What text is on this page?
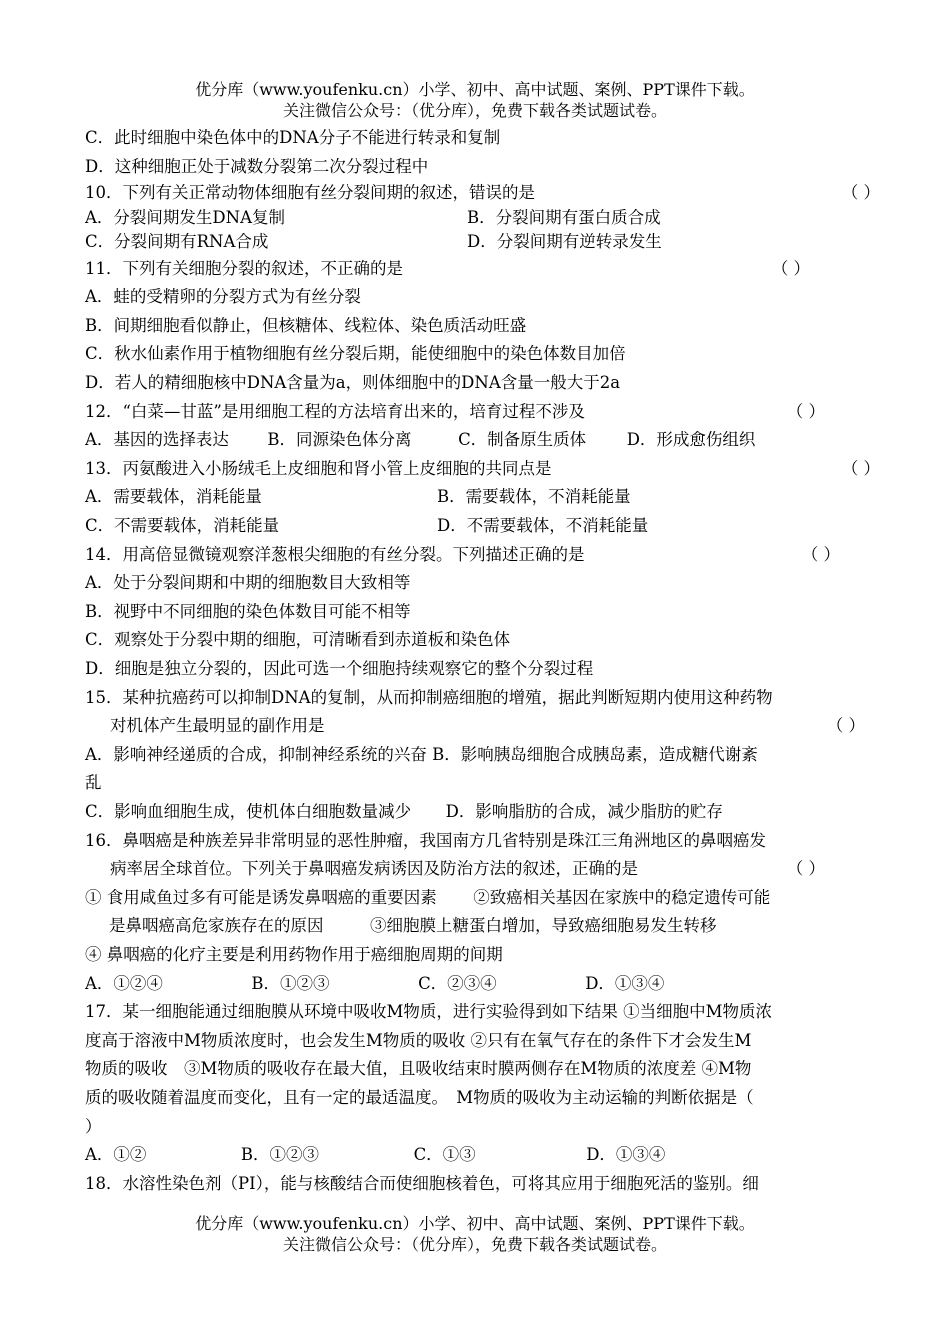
优分库（www.youfenku.cn）小学、初中、高中试题、案例、PPT课件下载。
关注微信公众号：（优分库），免费下载各类试题试卷。
C．此时细胞中染色体中的DNA分子不能进行转录和复制
D．这种细胞正处于减数分裂第二次分裂过程中
10．下列有关正常动物体细胞有丝分裂间期的叙述，错误的是	（ ）
A．分裂间期发生DNA复制	B．分裂间期有蛋白质合成
C．分裂间期有RNA合成	D．分裂间期有逆转录发生
11．下列有关细胞分裂的叙述，不正确的是	（ ）
A．蛙的受精卵的分裂方式为有丝分裂
B．间期细胞看似静止，但核糖体、线粒体、染色质活动旺盛
C．秋水仙素作用于植物细胞有丝分裂后期，能使细胞中的染色体数目加倍
D．若人的精细胞核中DNA含量为a，则体细胞中的DNA含量一般大于2a
12．“白菜—甘蓝”是用细胞工程的方法培育出来的，培育过程不涉及	（ ）
A．基因的选择表达 B．同源染色体分离	C．制备原生质体 D．形成愈伤组织
13．丙氨酸进入小肠绒毛上皮细胞和肾小管上皮细胞的共同点是	（ ）
A．需要载体，消耗能量	B．需要载体，不消耗能量
C．不需要载体，消耗能量	D．不需要载体，不消耗能量
14．用高倍显微镜观察洋葱根尖细胞的有丝分裂。下列描述正确的是	（ ）
A．处于分裂间期和中期的细胞数目大致相等
B．视野中不同细胞的染色体数目可能不相等
C．观察处于分裂中期的细胞，可清晰看到赤道板和染色体
D．细胞是独立分裂的，因此可选一个细胞持续观察它的整个分裂过程
15．某种抗癌药可以抑制DNA的复制，从而抑制癌细胞的增殖，据此判断短期内使用这种药物
对机体产生最明显的副作用是	（ ）
A．影响神经递质的合成，抑制神经系统的兴奋 B．影响胰岛细胞合成胰岛素，造成糖代谢紊
乱
C．影响血细胞生成，使机体白细胞数量减少 D．影响脂肪的合成，减少脂肪的贮存
16．鼻咽癌是种族差异非常明显的恶性肿瘤，我国南方几省特别是珠江三角洲地区的鼻咽癌发
病率居全球首位。下列关于鼻咽癌发病诱因及防治方法的叙述，正确的是	（ ）
① 食用咸鱼过多有可能是诱发鼻咽癌的重要因素 ②致癌相关基因在家族中的稳定遗传可能
是鼻咽癌高危家族存在的原因	③细胞膜上糖蛋白增加，导致癌细胞易发生转移
④ 鼻咽癌的化疗主要是利用药物作用于癌细胞周期的间期
A．①②④	B．①②③	C．②③④	D．①③④
17．某一细胞能通过细胞膜从环境中吸收M物质，进行实验得到如下结果 ①当细胞中M物质浓
度高于溶液中M物质浓度时，也会发生M物质的吸收 ②只有在氧气存在的条件下才会发生M
物质的吸收　③M物质的吸收存在最大值，且吸收结束时膜两侧存在M物质的浓度差 ④M物
质的吸收随着温度而变化，且有一定的最适温度。　M物质的吸收为主动运输的判断依据是（
）
A．①②	B．①②③	C．①③	D．①③④
18．水溶性染色剂（PI），能与核酸结合而使细胞核着色，可将其应用于细胞死活的鉴别。细
优分库（www.youfenku.cn）小学、初中、高中试题、案例、PPT课件下载。
关注微信公众号：（优分库），免费下载各类试题试卷。
